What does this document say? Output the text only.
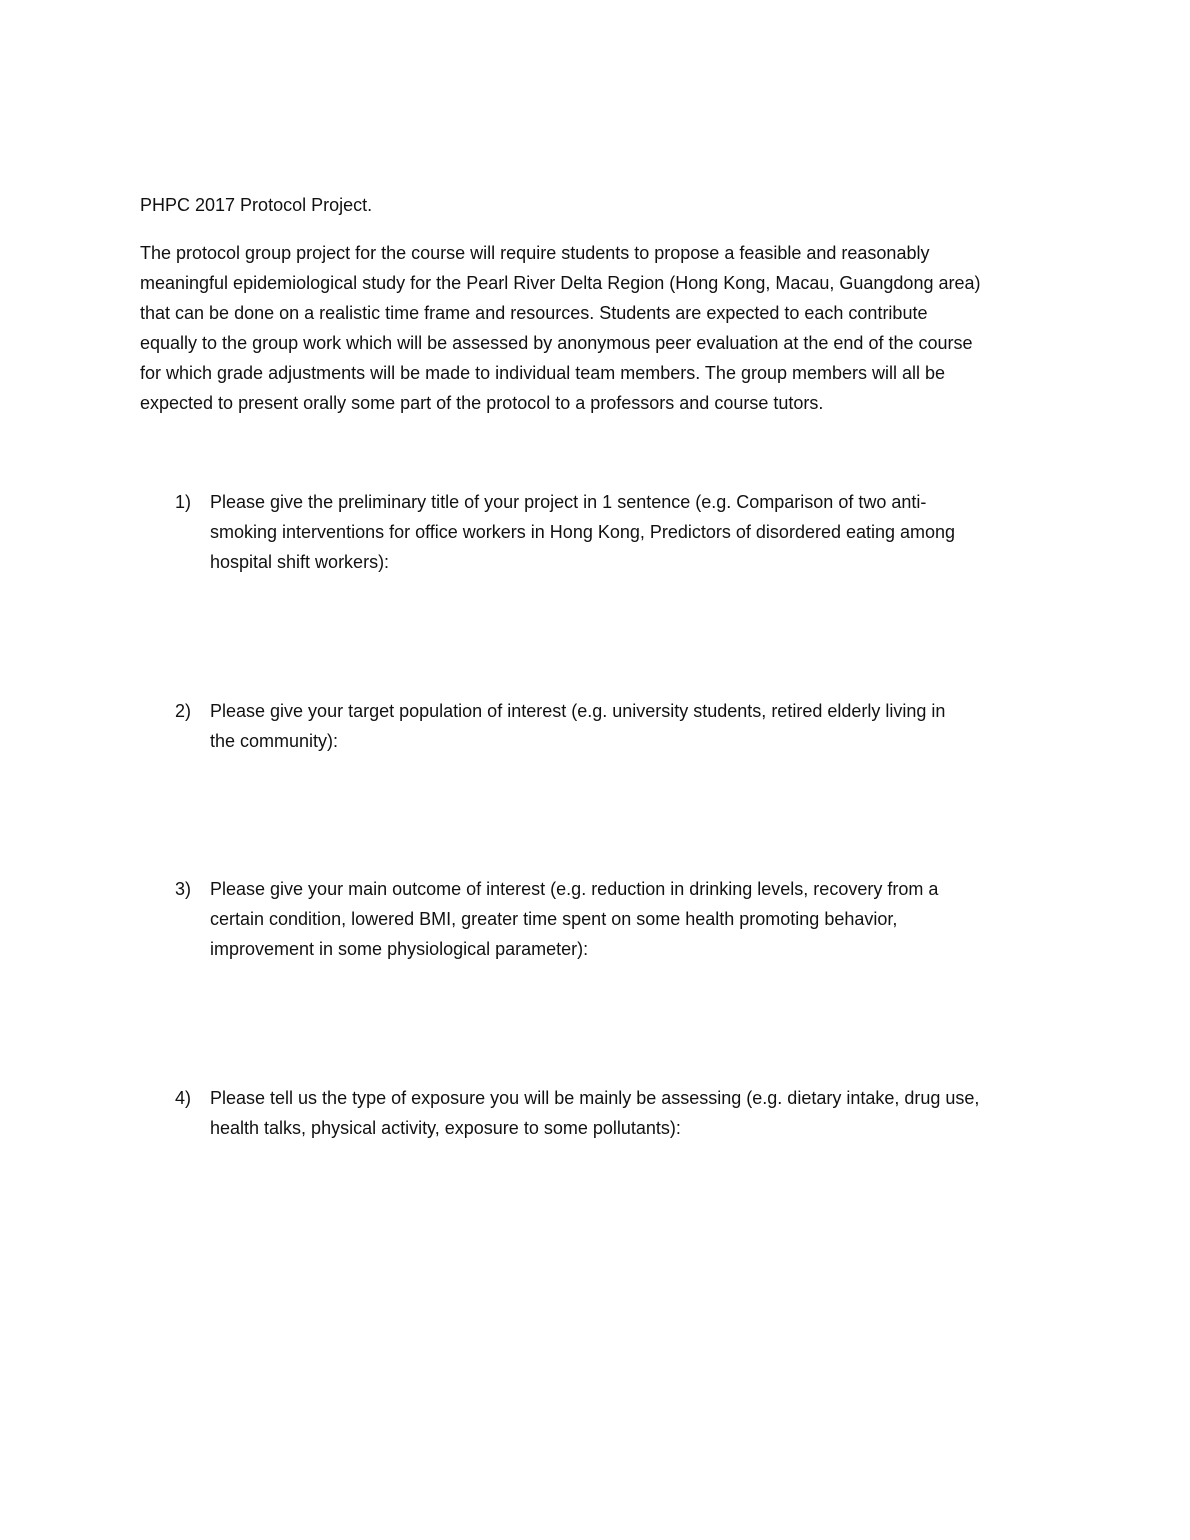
PHPC 2017 Protocol Project.

The protocol group project for the course will require students to propose a feasible and reasonably
meaningful epidemiological study for the Pearl River Delta Region (Hong Kong, Macau, Guangdong area)
that can be done on a realistic time frame and resources. Students are expected to each contribute
equally to the group work which will be assessed by anonymous peer evaluation at the end of the course
for which grade adjustments will be made to individual team members. The group members will all be
expected to present orally some part of the protocol to a professors and course tutors.

1)	Please give the preliminary title of your project in 1 sentence (e.g. Comparison of two anti-
smoking interventions for office workers in Hong Kong, Predictors of disordered eating among
hospital shift workers):
2)	Please give your target population of interest (e.g. university students, retired elderly living in
the community):
3)	Please give your main outcome of interest (e.g. reduction in drinking levels, recovery from a
certain condition, lowered BMI, greater time spent on some health promoting behavior,
improvement in some physiological parameter):
4)	Please tell us the type of exposure you will be mainly be assessing (e.g. dietary intake, drug use,
health talks, physical activity, exposure to some pollutants):
